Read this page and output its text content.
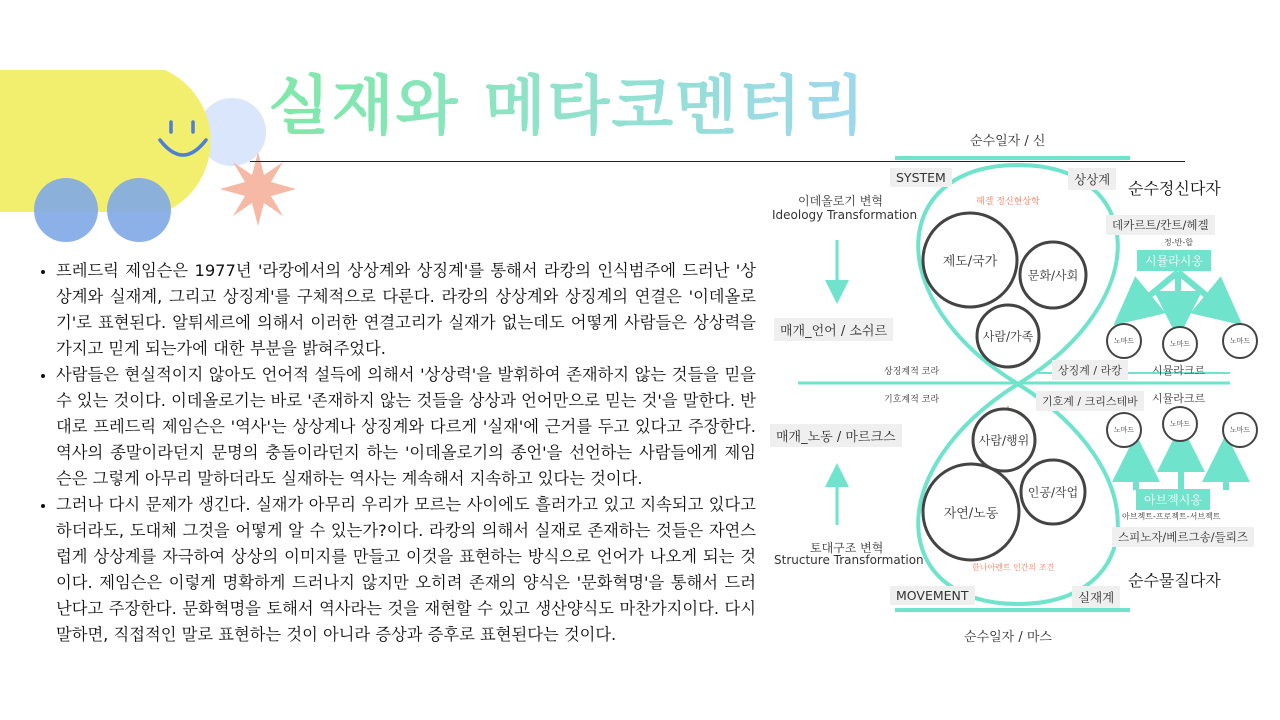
실재와 메타코멘터리
• 프레드릭 제임슨은 1977년 '라캉에서의 상상계와 상징계'를 통해서 라캉의 인식범주에 드러난 '상상계와 실재계, 그리고 상징계'를 구체적으로 다룬다. 라캉의 상상계와 상징계의 연결은 '이데올로기'로 표현된다. 알튀세르에 의해서 이러한 연결고리가 실재가 없는데도 어떻게 사람들은 상상력을 가지고 믿게 되는가에 대한 부분을 밝혀주었다.
• 사람들은 현실적이지 않아도 언어적 설득에 의해서 '상상력'을 발휘하여 존재하지 않는 것들을 믿을 수 있는 것이다. 이데올로기는 바로 '존재하지 않는 것들을 상상과 언어만으로 믿는 것'을 말한다. 반대로 프레드릭 제임슨은 '역사'는 상상계나 상징계와 다르게 '실재'에 근거를 두고 있다고 주장한다. 역사의 종말이라던지 문명의 충돌이라던지 하는 '이데올로기의 종언'을 선언하는 사람들에게 제임슨은 그렇게 아무리 말하더라도 실재하는 역사는 계속해서 지속하고 있다는 것이다.
• 그러나 다시 문제가 생긴다. 실재가 아무리 우리가 모르는 사이에도 흘러가고 있고 지속되고 있다고 하더라도, 도대체 그것을 어떻게 알 수 있는가?이다. 라캉의 의해서 실재로 존재하는 것들은 자연스럽게 상상계를 자극하여 상상의 이미지를 만들고 이것을 표현하는 방식으로 언어가 나오게 되는 것이다. 제임슨은 이렇게 명확하게 드러나지 않지만 오히려 존재의 양식은 '문화혁명'을 통해서 드러난다고 주장한다. 문화혁명을 토해서 역사라는 것을 재현할 수 있고 생산양식도 마찬가지이다. 다시 말하면, 직접적인 말로 표현하는 것이 아니라 증상과 증후로 표현된다는 것이다.
순수일자 / 신
순수일자 / 마스
SYSTEM	상상계
MOVEMENT	실재계
이데올로기 변혁
Ideology Transformation
토대구조 변혁
Structure Transformation
매개_언어 / 소쉬르
매개_노동 / 마르크스
상징계적 코라
기호계적 코라
상징계 / 라캉
기호계 / 크리스테바
헤겔 정신현상학
한나아렌트 인간의 조건
제도/국가
문화/사회
사람/가족
사람/행위
인공/작업
자연/노동
순수정신다자
순수물질다자
데카르트/칸트/헤겔
정-반-합
시뮬라시옹
시뮬라크르
시뮬라크르
아브젝시옹
아브젝트-프로젝트-서브젝트
스피노자/베르그송/들뢰즈
노마드	노마드	노마드
노마드
노마드
노마드
